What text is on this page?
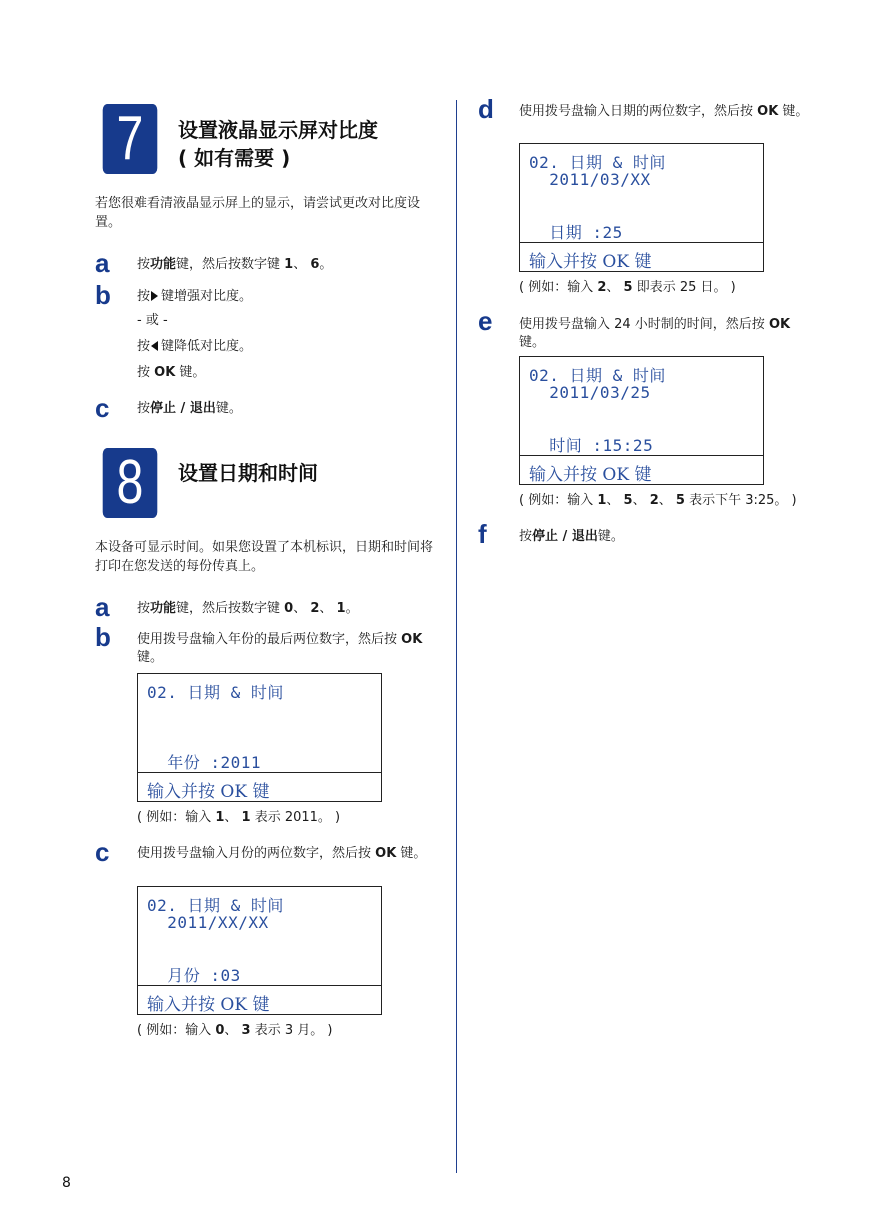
7	设置液晶显示屏对比度
( 如有需要 )
若您很难看清液晶显示屏上的显示，请尝试更改对比度设置。
a 按功能键，然后按数字键 1、 6。
b 按 键增强对比度。
- 或 -
按 键降低对比度。
按 OK 键。
c 按停止 / 退出键。
8	设置日期和时间
本设备可显示时间。如果您设置了本机标识，日期和时间将打印在您发送的每份传真上。
a 按功能键，然后按数字键 0、 2、 1。
b 使用拨号盘输入年份的最后两位数字，然后按 OK 键。
02. 日期 & 时间
年份 :2011
输入并按 OK 键
( 例如：输入 1、 1 表示 2011。 )
c 使用拨号盘输入月份的两位数字，然后按 OK 键。
02. 日期 & 时间
2011/XX/XX
月份 :03
输入并按 OK 键
( 例如：输入 0、 3 表示 3 月。 )
d 使用拨号盘输入日期的两位数字，然后按 OK 键。
02. 日期 & 时间
2011/03/XX
日期 :25
输入并按 OK 键
( 例如：输入 2、 5 即表示 25 日。 )
e 使用拨号盘输入 24 小时制的时间，然后按 OK 键。
02. 日期 & 时间
2011/03/25
时间 :15:25
输入并按 OK 键
( 例如：输入 1、 5、 2、 5 表示下午 3:25。 )
f 按停止 / 退出键。
8
